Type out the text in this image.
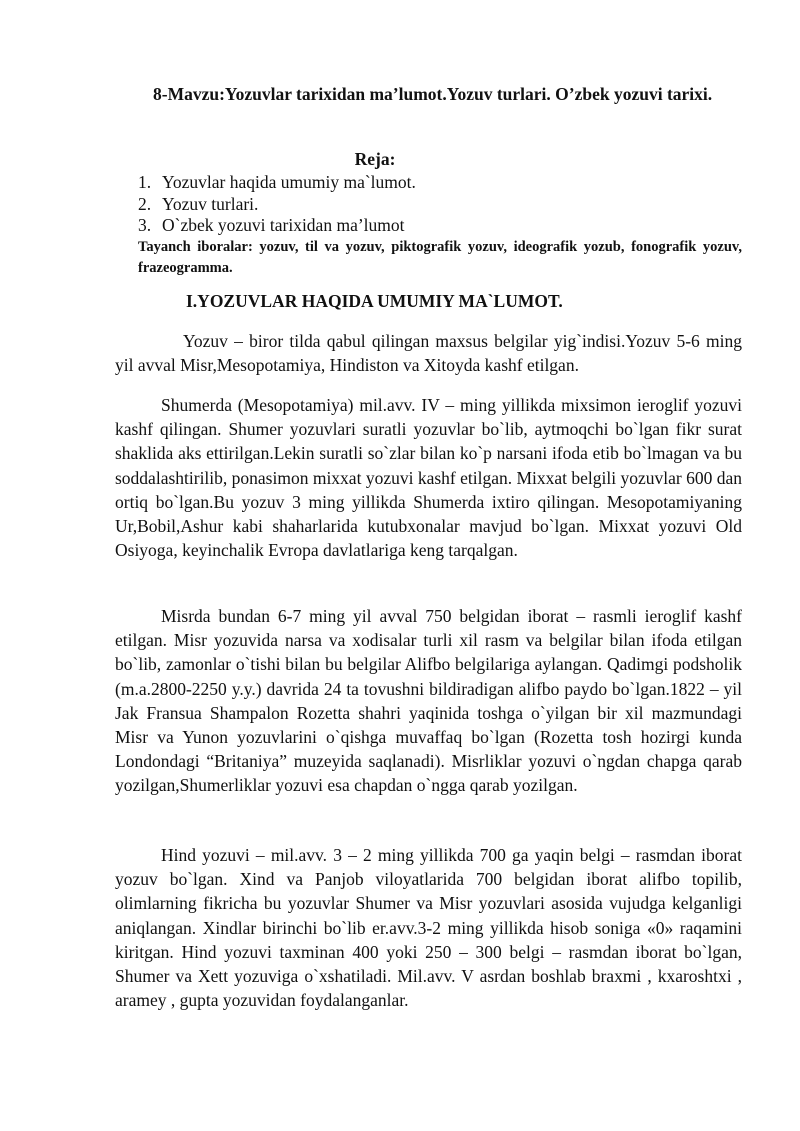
8-Mavzu:Yozuvlar tarixidan ma’lumot.Yozuv turlari. O’zbek yozuvi tarixi.
Reja:
1. Yozuvlar haqida umumiy ma`lumot.
2. Yozuv turlari.
3. O`zbek yozuvi tarixidan ma’lumot
Tayanch iboralar: yozuv, til va yozuv, piktografik yozuv, ideografik yozub, fonografik yozuv, frazeogramma.
I.YOZUVLAR HAQIDA UMUMIY MA`LUMOT.

Yozuv – biror tilda qabul qilingan maxsus belgilar yig`indisi.Yozuv 5-6 ming yil avval Misr,Mesopotamiya, Hindiston va Xitoyda kashf etilgan.

Shumerda (Mesopotamiya) mil.avv. IV – ming yillikda mixsimon ieroglif yozuvi kashf qilingan. Shumer yozuvlari suratli yozuvlar bo`lib, aytmoqchi bo`lgan fikr surat shaklida aks ettirilgan.Lekin suratli so`zlar bilan ko`p narsani ifoda etib bo`lmagan va bu soddalashtirilib, ponasimon mixxat yozuvi kashf etilgan. Mixxat belgili yozuvlar 600 dan ortiq bo`lgan.Bu yozuv 3 ming yillikda Shumerda ixtiro qilingan. Mesopotamiyaning Ur,Bobil,Ashur kabi shaharlarida kutubxonalar mavjud bo`lgan. Mixxat yozuvi Old Osiyoga, keyinchalik Evropa davlatlariga keng tarqalgan.

Misrda bundan 6-7 ming yil avval 750 belgidan iborat – rasmli ieroglif kashf etilgan. Misr yozuvida narsa va xodisalar turli xil rasm va belgilar bilan ifoda etilgan bo`lib, zamonlar o`tishi bilan bu belgilar Alifbo belgilariga aylangan. Qadimgi podsholik (m.a.2800-2250 y.y.) davrida 24 ta tovushni bildiradigan alifbo paydo bo`lgan.1822 – yil Jak Fransua Shampalon Rozetta shahri yaqinida toshga o`yilgan bir xil mazmundagi Misr va Yunon yozuvlarini o`qishga muvaffaq bo`lgan (Rozetta tosh hozirgi kunda Londondagi “Britaniya” muzeyida saqlanadi). Misrliklar yozuvi o`ngdan chapga qarab yozilgan,Shumerliklar yozuvi esa chapdan o`ngga qarab yozilgan.

Hind yozuvi – mil.avv. 3 – 2 ming yillikda 700 ga yaqin belgi – rasmdan iborat yozuv bo`lgan. Xind va Panjob viloyatlarida 700 belgidan iborat alifbo topilib, olimlarning fikricha bu yozuvlar Shumer va Misr yozuvlari asosida vujudga kelganligi aniqlangan. Xindlar birinchi bo`lib er.avv.3-2 ming yillikda hisob soniga «0» raqamini kiritgan. Hind yozuvi taxminan 400 yoki 250 – 300 belgi – rasmdan iborat bo`lgan, Shumer va Xett yozuviga o`xshatiladi. Mil.avv. V asrdan boshlab braxmi , kxaroshtxi , aramey , gupta yozuvidan foydalanganlar.
